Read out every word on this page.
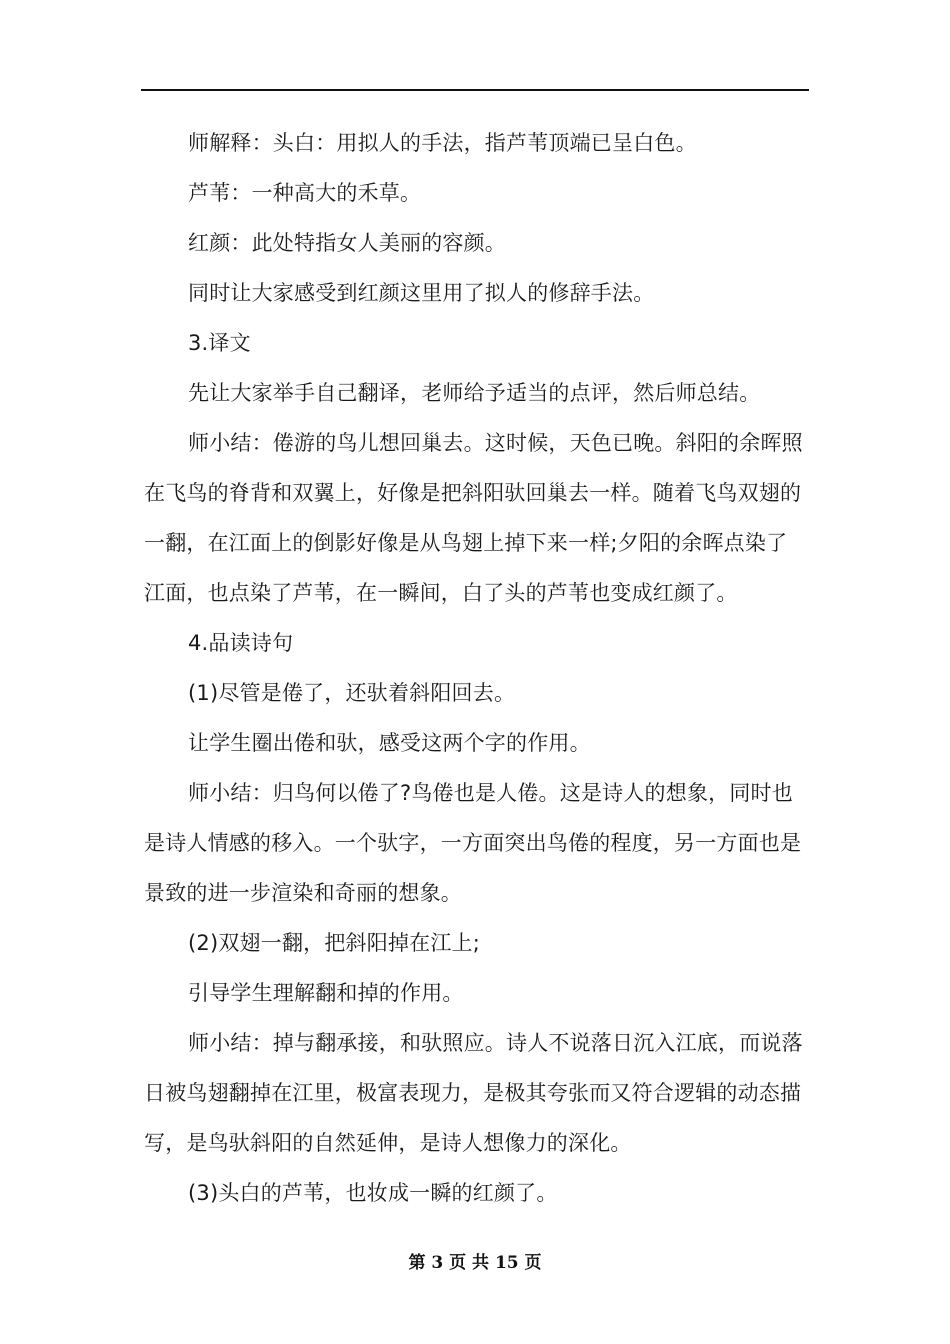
师解释：头白：用拟人的手法，指芦苇顶端已呈白色。

芦苇：一种高大的禾草。

红颜：此处特指女人美丽的容颜。

同时让大家感受到红颜这里用了拟人的修辞手法。

3.译文

先让大家举手自己翻译，老师给予适当的点评，然后师总结。

师小结：倦游的鸟儿想回巢去。这时候，天色已晚。斜阳的余晖照在飞鸟的脊背和双翼上，好像是把斜阳驮回巢去一样。随着飞鸟双翅的一翻，在江面上的倒影好像是从鸟翅上掉下来一样;夕阳的余晖点染了江面，也点染了芦苇，在一瞬间，白了头的芦苇也变成红颜了。

4.品读诗句

(1)尽管是倦了，还驮着斜阳回去。

让学生圈出倦和驮，感受这两个字的作用。

师小结：归鸟何以倦了?鸟倦也是人倦。这是诗人的想象，同时也是诗人情感的移入。一个驮字，一方面突出鸟倦的程度，另一方面也是景致的进一步渲染和奇丽的想象。

(2)双翅一翻，把斜阳掉在江上;

引导学生理解翻和掉的作用。

师小结：掉与翻承接，和驮照应。诗人不说落日沉入江底，而说落日被鸟翅翻掉在江里，极富表现力，是极其夸张而又符合逻辑的动态描写，是鸟驮斜阳的自然延伸，是诗人想像力的深化。

(3)头白的芦苇，也妆成一瞬的红颜了。

第 3 页 共 15 页
